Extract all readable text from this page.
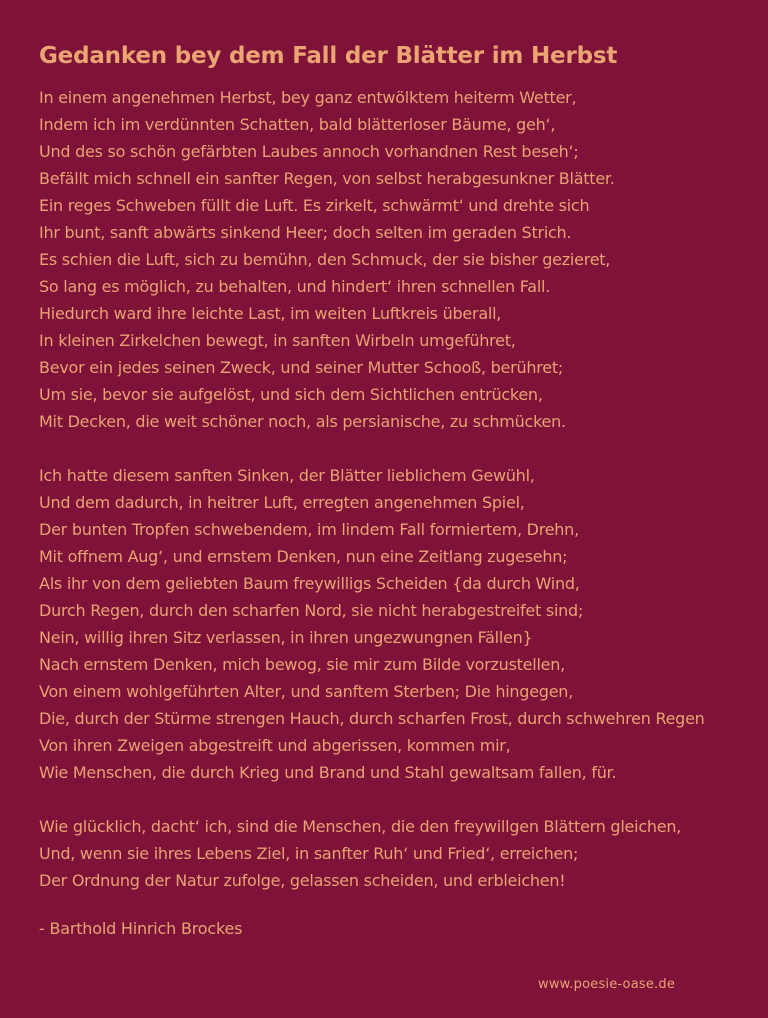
Gedanken bey dem Fall der Blätter im Herbst
In einem angenehmen Herbst, bey ganz entwölktem heiterm Wetter,
Indem ich im verdünnten Schatten, bald blätterloser Bäume, geh‘,
Und des so schön gefärbten Laubes annoch vorhandnen Rest beseh‘;
Befällt mich schnell ein sanfter Regen, von selbst herabgesunkner Blätter.
Ein reges Schweben füllt die Luft. Es zirkelt, schwärmt‘ und drehte sich
Ihr bunt, sanft abwärts sinkend Heer; doch selten im geraden Strich.
Es schien die Luft, sich zu bemühn, den Schmuck, der sie bisher gezieret,
So lang es möglich, zu behalten, und hindert‘ ihren schnellen Fall.
Hiedurch ward ihre leichte Last, im weiten Luftkreis überall,
In kleinen Zirkelchen bewegt, in sanften Wirbeln umgeführet,
Bevor ein jedes seinen Zweck, und seiner Mutter Schooß, berühret;
Um sie, bevor sie aufgelöst, und sich dem Sichtlichen entrücken,
Mit Decken, die weit schöner noch, als persianische, zu schmücken.
Ich hatte diesem sanften Sinken, der Blätter lieblichem Gewühl,
Und dem dadurch, in heitrer Luft, erregten angenehmen Spiel,
Der bunten Tropfen schwebendem, im lindem Fall formiertem, Drehn,
Mit offnem Aug‘, und ernstem Denken, nun eine Zeitlang zugesehn;
Als ihr von dem geliebten Baum freywilligs Scheiden {da durch Wind,
Durch Regen, durch den scharfen Nord, sie nicht herabgestreifet sind;
Nein, willig ihren Sitz verlassen, in ihren ungezwungnen Fällen}
Nach ernstem Denken, mich bewog, sie mir zum Bilde vorzustellen,
Von einem wohlgeführten Alter, und sanftem Sterben; Die hingegen,
Die, durch der Stürme strengen Hauch, durch scharfen Frost, durch schwehren Regen
Von ihren Zweigen abgestreift und abgerissen, kommen mir,
Wie Menschen, die durch Krieg und Brand und Stahl gewaltsam fallen, für.
Wie glücklich, dacht‘ ich, sind die Menschen, die den freywillgen Blättern gleichen,
Und, wenn sie ihres Lebens Ziel, in sanfter Ruh‘ und Fried‘, erreichen;
Der Ordnung der Natur zufolge, gelassen scheiden, und erbleichen!
- Barthold Hinrich Brockes
www.poesie-oase.de
